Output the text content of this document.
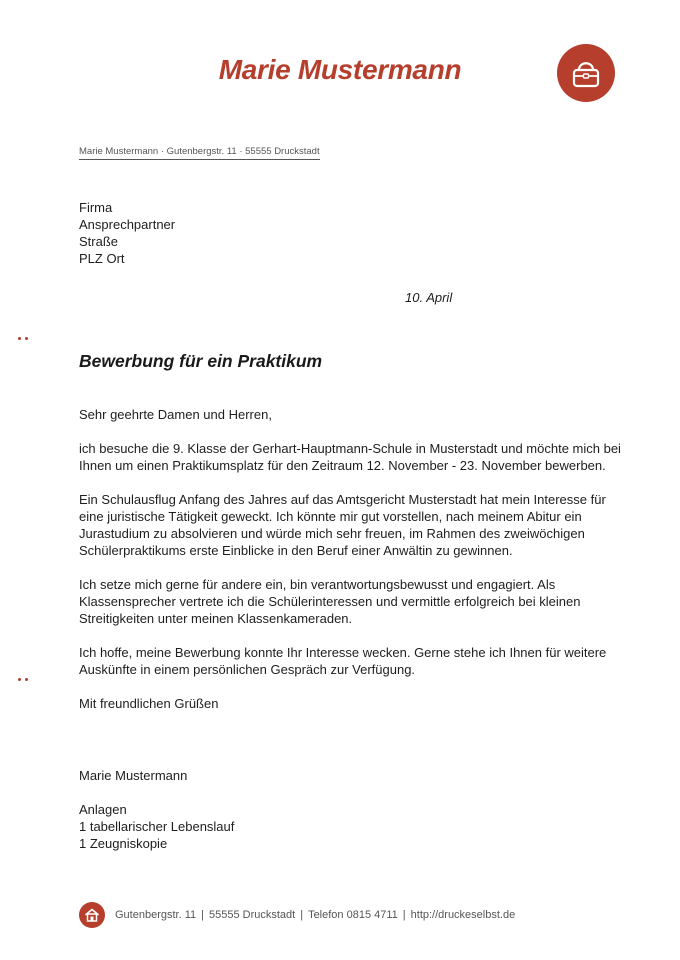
Marie Mustermann
Marie Mustermann · Gutenbergstr. 11 · 55555 Druckstadt
Firma
Ansprechpartner
Straße
PLZ Ort
10. April
Bewerbung für ein Praktikum

Sehr geehrte Damen und Herren,

ich besuche die 9. Klasse der Gerhart-Hauptmann-Schule in Musterstadt und möchte mich bei
Ihnen um einen Praktikumsplatz für den Zeitraum 12. November - 23. November bewerben.

Ein Schulausflug Anfang des Jahres auf das Amtsgericht Musterstadt hat mein Interesse für
eine juristische Tätigkeit geweckt. Ich könnte mir gut vorstellen, nach meinem Abitur ein
Jurastudium zu absolvieren und würde mich sehr freuen, im Rahmen des zweiwöchigen
Schülerpraktikums erste Einblicke in den Beruf einer Anwältin zu gewinnen.

Ich setze mich gerne für andere ein, bin verantwortungsbewusst und engagiert. Als
Klassensprecher vertrete ich die Schülerinteressen und vermittle erfolgreich bei kleinen
Streitigkeiten unter meinen Klassenkameraden.

Ich hoffe, meine Bewerbung konnte Ihr Interesse wecken. Gerne stehe ich Ihnen für weitere
Auskünfte in einem persönlichen Gespräch zur Verfügung.

Mit freundlichen Grüßen

Marie Mustermann
Anlagen
1 tabellarischer Lebenslauf
1 Zeugniskopie
Gutenbergstr. 11 | 55555 Druckstadt | Telefon 0815 4711 | http://druckeselbst.de
